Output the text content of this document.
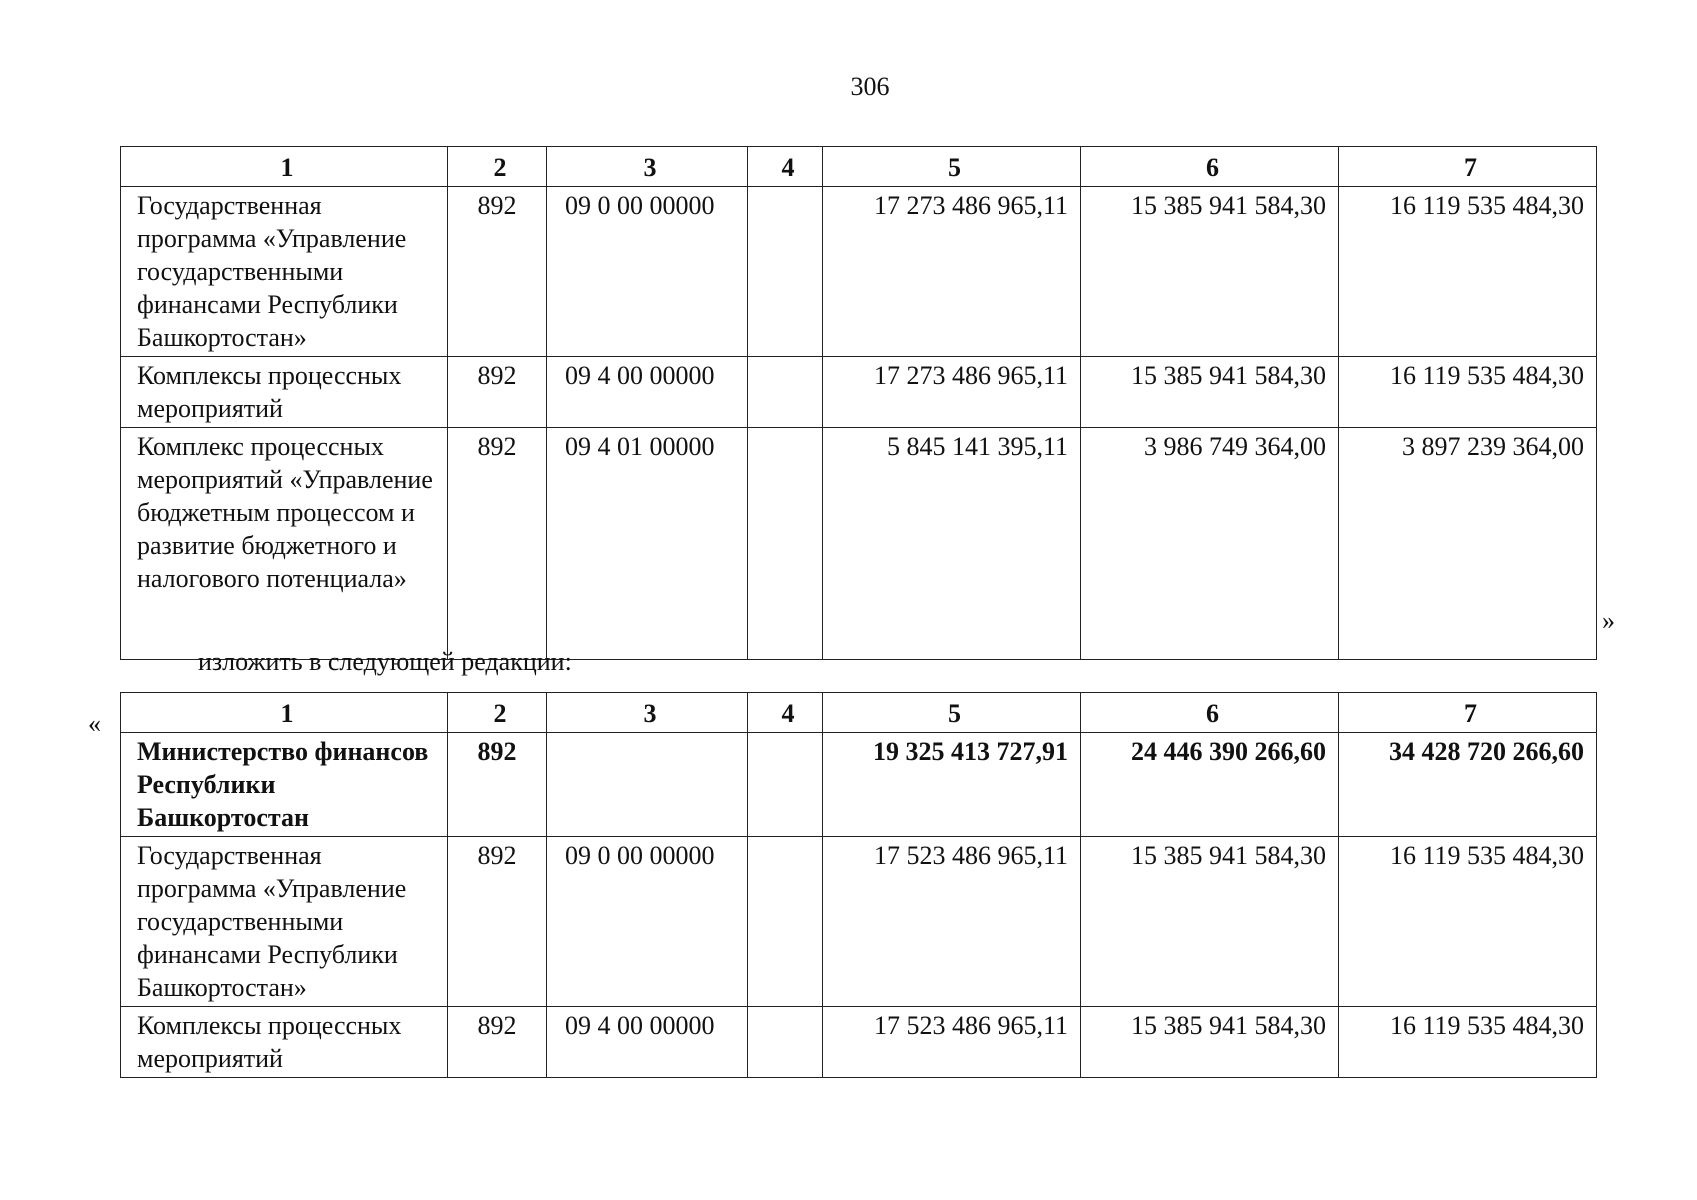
306
1	2	3	4	5	6	7
Государственная программа «Управление государственными финансами Республики Башкортостан»	892	09 0 00 00000		17 273 486 965,11	15 385 941 584,30	16 119 535 484,30
Комплексы процессных мероприятий	892	09 4 00 00000		17 273 486 965,11	15 385 941 584,30	16 119 535 484,30
Комплекс процессных мероприятий «Управление бюджетным процессом и развитие бюджетного и налогового потенциала»	892	09 4 01 00000		5 845 141 395,11	3 986 749 364,00	3 897 239 364,00
»
изложить в следующей редакции:
«	1	2	3	4	5	6	7
Министерство финансов Республики Башкортостан	892			19 325 413 727,91	24 446 390 266,60	34 428 720 266,60
Государственная программа «Управление государственными финансами Республики Башкортостан»	892	09 0 00 00000		17 523 486 965,11	15 385 941 584,30	16 119 535 484,30
Комплексы процессных мероприятий	892	09 4 00 00000		17 523 486 965,11	15 385 941 584,30	16 119 535 484,30
